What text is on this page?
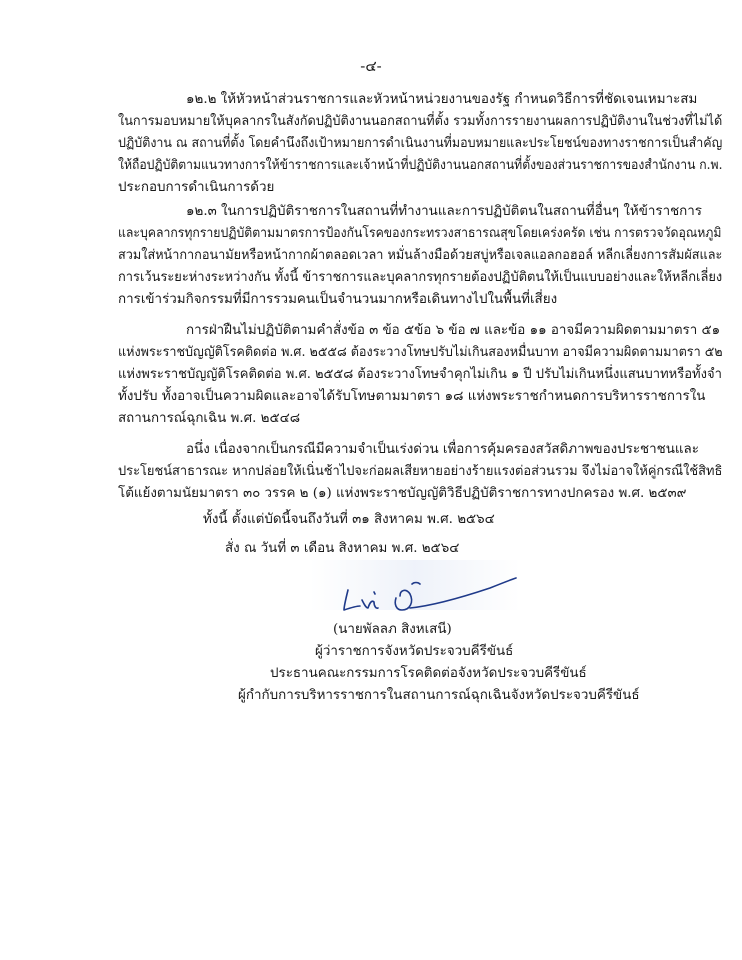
-๔-
๑๒.๒ ให้หัวหน้าส่วนราชการและหัวหน้าหน่วยงานของรัฐ กำหนดวิธีการที่ชัดเจนเหมาะสม
ในการมอบหมายให้บุคลากรในสังกัดปฏิบัติงานนอกสถานที่ตั้ง รวมทั้งการรายงานผลการปฏิบัติงานในช่วงที่ไม่ได้
ปฏิบัติงาน ณ สถานที่ตั้ง โดยคำนึงถึงเป้าหมายการดำเนินงานที่มอบหมายและประโยชน์ของทางราชการเป็นสำคัญ
ให้ถือปฏิบัติตามแนวทางการให้ข้าราชการและเจ้าหน้าที่ปฏิบัติงานนอกสถานที่ตั้งของส่วนราชการของสำนักงาน ก.พ.
ประกอบการดำเนินการด้วย
๑๒.๓ ในการปฏิบัติราชการในสถานที่ทำงานและการปฏิบัติตนในสถานที่อื่นๆ ให้ข้าราชการ
และบุคลากรทุกรายปฏิบัติตามมาตรการป้องกันโรคของกระทรวงสาธารณสุขโดยเคร่งครัด เช่น การตรวจวัดอุณหภูมิ
สวมใส่หน้ากากอนามัยหรือหน้ากากผ้าตลอดเวลา หมั่นล้างมือด้วยสบู่หรือเจลแอลกอฮอล์ หลีกเลี่ยงการสัมผัสและ
การเว้นระยะห่างระหว่างกัน ทั้งนี้ ข้าราชการและบุคลากรทุกรายต้องปฏิบัติตนให้เป็นแบบอย่างและให้หลีกเลี่ยง
การเข้าร่วมกิจกรรมที่มีการรวมคนเป็นจำนวนมากหรือเดินทางไปในพื้นที่เสี่ยง
การฝ่าฝืนไม่ปฏิบัติตามคำสั่งข้อ ๓ ข้อ ๕ข้อ ๖ ข้อ ๗ และข้อ ๑๑ อาจมีความผิดตามมาตรา ๕๑
แห่งพระราชบัญญัติโรคติดต่อ พ.ศ. ๒๕๕๘ ต้องระวางโทษปรับไม่เกินสองหมื่นบาท อาจมีความผิดตามมาตรา ๕๒
แห่งพระราชบัญญัติโรคติดต่อ พ.ศ. ๒๕๕๘ ต้องระวางโทษจำคุกไม่เกิน ๑ ปี ปรับไม่เกินหนึ่งแสนบาทหรือทั้งจำ
ทั้งปรับ ทั้งอาจเป็นความผิดและอาจได้รับโทษตามมาตรา ๑๘ แห่งพระราชกำหนดการบริหารราชการใน
สถานการณ์ฉุกเฉิน พ.ศ. ๒๕๔๘
อนึ่ง เนื่องจากเป็นกรณีมีความจำเป็นเร่งด่วน เพื่อการคุ้มครองสวัสดิภาพของประชาชนและ
ประโยชน์สาธารณะ หากปล่อยให้เนิ่นช้าไปจะก่อผลเสียหายอย่างร้ายแรงต่อส่วนรวม จึงไม่อาจให้คู่กรณีใช้สิทธิ
โต้แย้งตามนัยมาตรา ๓๐ วรรค ๒ (๑) แห่งพระราชบัญญัติวิธีปฏิบัติราชการทางปกครอง พ.ศ. ๒๕๓๙
ทั้งนี้ ตั้งแต่บัดนี้จนถึงวันที่ ๓๑ สิงหาคม พ.ศ. ๒๕๖๔
สั่ง ณ วันที่ ๓ เดือน สิงหาคม พ.ศ. ๒๕๖๔
(นายพัลลภ สิงหเสนี)
ผู้ว่าราชการจังหวัดประจวบคีรีขันธ์
ประธานคณะกรรมการโรคติดต่อจังหวัดประจวบคีรีขันธ์
ผู้กำกับการบริหารราชการในสถานการณ์ฉุกเฉินจังหวัดประจวบคีรีขันธ์
